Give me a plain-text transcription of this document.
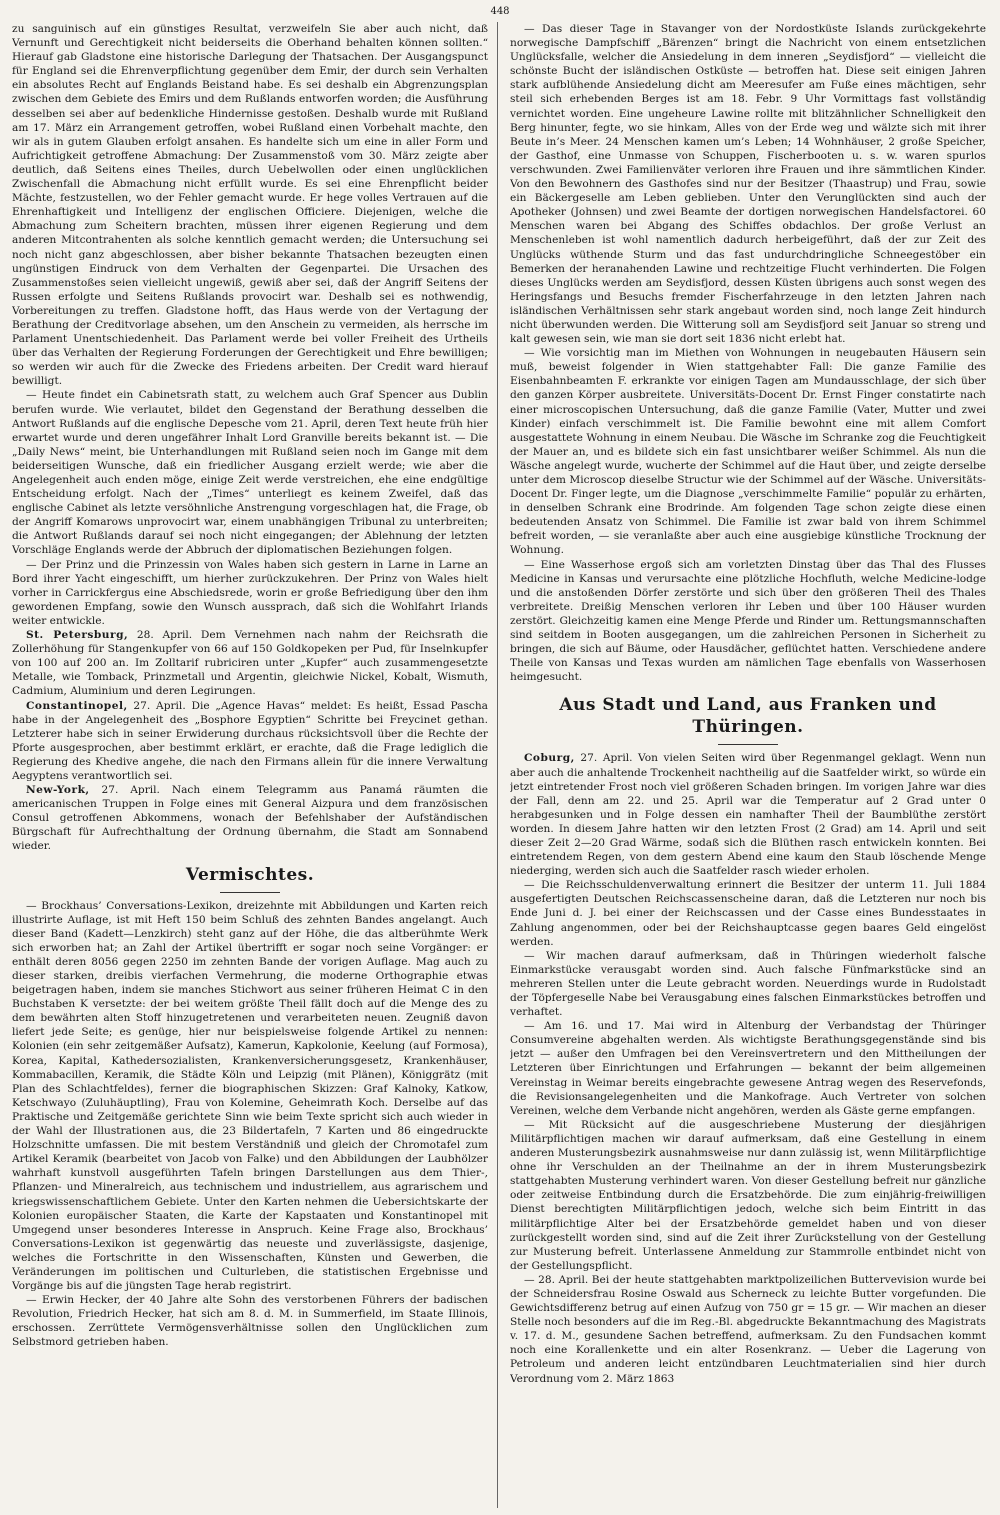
448

zu sanguinisch auf ein günstiges Resultat, verzweifeln Sie aber auch nicht, daß Vernunft und Gerechtigkeit nicht beiderseits die Oberhand behalten können sollten.“ Hierauf gab Gladstone eine historische Darlegung der Thatsachen. Der Ausgangspunct für England sei die Ehrenverpflichtung gegenüber dem Emir, der durch sein Verhalten ein absolutes Recht auf Englands Beistand habe. Es sei deshalb ein Abgrenzungsplan zwischen dem Gebiete des Emirs und dem Rußlands entworfen worden; die Ausführung desselben sei aber auf bedenkliche Hindernisse gestoßen. Deshalb wurde mit Rußland am 17. März ein Arrangement getroffen, wobei Rußland einen Vorbehalt machte, den wir als in gutem Glauben erfolgt ansahen. Es handelte sich um eine in aller Form und Aufrichtigkeit getroffene Abmachung: Der Zusammenstoß vom 30. März zeigte aber deutlich, daß Seitens eines Theiles, durch Uebelwollen oder einen unglücklichen Zwischenfall die Abmachung nicht erfüllt wurde. Es sei eine Ehrenpflicht beider Mächte, festzustellen, wo der Fehler gemacht wurde. Er hege volles Vertrauen auf die Ehrenhaftigkeit und Intelligenz der englischen Officiere. Diejenigen, welche die Abmachung zum Scheitern brachten, müssen ihrer eigenen Regierung und dem anderen Mitcontrahenten als solche kenntlich gemacht werden; die Untersuchung sei noch nicht ganz abgeschlossen, aber bisher bekannte Thatsachen bezeugten einen ungünstigen Eindruck von dem Verhalten der Gegenpartei. Die Ursachen des Zusammenstoßes seien vielleicht ungewiß, gewiß aber sei, daß der Angriff Seitens der Russen erfolgte und Seitens Rußlands provocirt war. Deshalb sei es nothwendig, Vorbereitungen zu treffen. Gladstone hofft, das Haus werde von der Vertagung der Berathung der Creditvorlage absehen, um den Anschein zu vermeiden, als herrsche im Parlament Unentschiedenheit. Das Parlament werde bei voller Freiheit des Urtheils über das Verhalten der Regierung Forderungen der Gerechtigkeit und Ehre bewilligen; so werden wir auch für die Zwecke des Friedens arbeiten. Der Credit ward hierauf bewilligt.

— Heute findet ein Cabinetsrath statt, zu welchem auch Graf Spencer aus Dublin berufen wurde. Wie verlautet, bildet den Gegenstand der Berathung desselben die Antwort Rußlands auf die englische Depesche vom 21. April, deren Text heute früh hier erwartet wurde und deren ungefährer Inhalt Lord Granville bereits bekannt ist. — Die „Daily News“ meint, bie Unterhandlungen mit Rußland seien noch im Gange mit dem beiderseitigen Wunsche, daß ein friedlicher Ausgang erzielt werde; wie aber die Angelegenheit auch enden möge, einige Zeit werde verstreichen, ehe eine endgültige Entscheidung erfolgt. Nach der „Times“ unterliegt es keinem Zweifel, daß das englische Cabinet als letzte versöhnliche Anstrengung vorgeschlagen hat, die Frage, ob der Angriff Komarows unprovocirt war, einem unabhängigen Tribunal zu unterbreiten; die Antwort Rußlands darauf sei noch nicht eingegangen; der Ablehnung der letzten Vorschläge Englands werde der Abbruch der diplomatischen Beziehungen folgen.

— Der Prinz und die Prinzessin von Wales haben sich gestern in Larne in Larne an Bord ihrer Yacht eingeschifft, um hierher zurückzukehren. Der Prinz von Wales hielt vorher in Carrickfergus eine Abschiedsrede, worin er große Befriedigung über den ihm gewordenen Empfang, sowie den Wunsch aussprach, daß sich die Wohlfahrt Irlands weiter entwickle.

St. Petersburg, 28. April. Dem Vernehmen nach nahm der Reichsrath die Zollerhöhung für Stangenkupfer von 66 auf 150 Goldkopeken per Pud, für Inselnkupfer von 100 auf 200 an. Im Zolltarif rubriciren unter „Kupfer“ auch zusammengesetzte Metalle, wie Tomback, Prinzmetall und Argentin, gleichwie Nickel, Kobalt, Wismuth, Cadmium, Aluminium und deren Legirungen.

Constantinopel, 27. April. Die „Agence Havas“ meldet: Es heißt, Essad Pascha habe in der Angelegenheit des „Bosphore Egyptien“ Schritte bei Freycinet gethan. Letzterer habe sich in seiner Erwiderung durchaus rücksichtsvoll über die Rechte der Pforte ausgesprochen, aber bestimmt erklärt, er erachte, daß die Frage lediglich die Regierung des Khedive angehe, die nach den Firmans allein für die innere Verwaltung Aegyptens verantwortlich sei.

New-York, 27. April. Nach einem Telegramm aus Panamá räumten die americanischen Truppen in Folge eines mit General Aizpura und dem französischen Consul getroffenen Abkommens, wonach der Befehlshaber der Aufständischen Bürgschaft für Aufrechthaltung der Ordnung übernahm, die Stadt am Sonnabend wieder.

Vermischtes.

— Brockhaus’ Conversations-Lexikon, dreizehnte mit Abbildungen und Karten reich illustrirte Auflage, ist mit Heft 150 beim Schluß des zehnten Bandes angelangt. Auch dieser Band (Kadett—Lenzkirch) steht ganz auf der Höhe, die das altberühmte Werk sich erworben hat; an Zahl der Artikel übertrifft er sogar noch seine Vorgänger: er enthält deren 8056 gegen 2250 im zehnten Bande der vorigen Auflage. Mag auch zu dieser starken, dreibis vierfachen Vermehrung, die moderne Orthographie etwas beigetragen haben, indem sie manches Stichwort aus seiner früheren Heimat C in den Buchstaben K versetzte: der bei weitem größte Theil fällt doch auf die Menge des zu dem bewährten alten Stoff hinzugetretenen und verarbeiteten neuen. Zeugniß davon liefert jede Seite; es genüge, hier nur beispielsweise folgende Artikel zu nennen: Kolonien (ein sehr zeitgemäßer Aufsatz), Kamerun, Kapkolonie, Keelung (auf Formosa), Korea, Kapital, Kathedersozialisten, Krankenversicherungsgesetz, Krankenhäuser, Kommabacillen, Keramik, die Städte Köln und Leipzig (mit Plänen), Königgrätz (mit Plan des Schlachtfeldes), ferner die biographischen Skizzen: Graf Kalnoky, Katkow, Ketschwayo (Zuluhäuptling), Frau von Kolemine, Geheimrath Koch. Derselbe auf das Praktische und Zeitgemäße gerichtete Sinn wie beim Texte spricht sich auch wieder in der Wahl der Illustrationen aus, die 23 Bildertafeln, 7 Karten und 86 eingedruckte Holzschnitte umfassen. Die mit bestem Verständniß und gleich der Chromotafel zum Artikel Keramik (bearbeitet von Jacob von Falke) und den Abbildungen der Laubhölzer wahrhaft kunstvoll ausgeführten Tafeln bringen Darstellungen aus dem Thier-, Pflanzen- und Mineralreich, aus technischem und industriellem, aus agrarischem und kriegswissenschaftlichem Gebiete. Unter den Karten nehmen die Uebersichtskarte der Kolonien europäischer Staaten, die Karte der Kapstaaten und Konstantinopel mit Umgegend unser besonderes Interesse in Anspruch. Keine Frage also, Brockhaus’ Conversations-Lexikon ist gegenwärtig das neueste und zuverlässigste, dasjenige, welches die Fortschritte in den Wissenschaften, Künsten und Gewerben, die Veränderungen im politischen und Culturleben, die statistischen Ergebnisse und Vorgänge bis auf die jüngsten Tage herab registrirt.

— Erwin Hecker, der 40 Jahre alte Sohn des verstorbenen Führers der badischen Revolution, Friedrich Hecker, hat sich am 8. d. M. in Summerfield, im Staate Illinois, erschossen. Zerrüttete Vermögensverhältnisse sollen den Unglücklichen zum Selbstmord getrieben haben.

— Das dieser Tage in Stavanger von der Nordostküste Islands zurückgekehrte norwegische Dampfschiff „Bärenzen“ bringt die Nachricht von einem entsetzlichen Unglücksfalle, welcher die Ansiedelung in dem inneren „Seydisfjord“ — vielleicht die schönste Bucht der isländischen Ostküste — betroffen hat. Diese seit einigen Jahren stark aufblühende Ansiedelung dicht am Meeresufer am Fuße eines mächtigen, sehr steil sich erhebenden Berges ist am 18. Febr. 9 Uhr Vormittags fast vollständig vernichtet worden. Eine ungeheure Lawine rollte mit blitzähnlicher Schnelligkeit den Berg hinunter, fegte, wo sie hinkam, Alles von der Erde weg und wälzte sich mit ihrer Beute in’s Meer. 24 Menschen kamen um’s Leben; 14 Wohnhäuser, 2 große Speicher, der Gasthof, eine Unmasse von Schuppen, Fischerbooten u. s. w. waren spurlos verschwunden. Zwei Familienväter verloren ihre Frauen und ihre sämmtlichen Kinder. Von den Bewohnern des Gasthofes sind nur der Besitzer (Thaastrup) und Frau, sowie ein Bäckergeselle am Leben geblieben. Unter den Verunglückten sind auch der Apotheker (Johnsen) und zwei Beamte der dortigen norwegischen Handelsfactorei. 60 Menschen waren bei Abgang des Schiffes obdachlos. Der große Verlust an Menschenleben ist wohl namentlich dadurch herbeigeführt, daß der zur Zeit des Unglücks wüthende Sturm und das fast undurchdringliche Schneegestöber ein Bemerken der heranahenden Lawine und rechtzeitige Flucht verhinderten. Die Folgen dieses Unglücks werden am Seydisfjord, dessen Küsten übrigens auch sonst wegen des Heringsfangs und Besuchs fremder Fischerfahrzeuge in den letzten Jahren nach isländischen Verhältnissen sehr stark angebaut worden sind, noch lange Zeit hindurch nicht überwunden werden. Die Witterung soll am Seydisfjord seit Januar so streng und kalt gewesen sein, wie man sie dort seit 1836 nicht erlebt hat.

— Wie vorsichtig man im Miethen von Wohnungen in neugebauten Häusern sein muß, beweist folgender in Wien stattgehabter Fall: Die ganze Familie des Eisenbahnbeamten F. erkrankte vor einigen Tagen am Mundausschlage, der sich über den ganzen Körper ausbreitete. Universitäts-Docent Dr. Ernst Finger constatirte nach einer microscopischen Untersuchung, daß die ganze Familie (Vater, Mutter und zwei Kinder) einfach verschimmelt ist. Die Familie bewohnt eine mit allem Comfort ausgestattete Wohnung in einem Neubau. Die Wäsche im Schranke zog die Feuchtigkeit der Mauer an, und es bildete sich ein fast unsichtbarer weißer Schimmel. Als nun die Wäsche angelegt wurde, wucherte der Schimmel auf die Haut über, und zeigte derselbe unter dem Microscop dieselbe Structur wie der Schimmel auf der Wäsche. Universitäts-Docent Dr. Finger legte, um die Diagnose „verschimmelte Familie“ populär zu erhärten, in denselben Schrank eine Brodrinde. Am folgenden Tage schon zeigte diese einen bedeutenden Ansatz von Schimmel. Die Familie ist zwar bald von ihrem Schimmel befreit worden, — sie veranlaßte aber auch eine ausgiebige künstliche Trocknung der Wohnung.

— Eine Wasserhose ergoß sich am vorletzten Dinstag über das Thal des Flusses Medicine in Kansas und verursachte eine plötzliche Hochfluth, welche Medicine-lodge und die anstoßenden Dörfer zerstörte und sich über den größeren Theil des Thales verbreitete. Dreißig Menschen verloren ihr Leben und über 100 Häuser wurden zerstört. Gleichzeitig kamen eine Menge Pferde und Rinder um. Rettungsmannschaften sind seitdem in Booten ausgegangen, um die zahlreichen Personen in Sicherheit zu bringen, die sich auf Bäume, oder Hausdächer, geflüchtet hatten. Verschiedene andere Theile von Kansas und Texas wurden am nämlichen Tage ebenfalls von Wasserhosen heimgesucht.

Aus Stadt und Land, aus Franken und Thüringen.

Coburg, 27. April. Von vielen Seiten wird über Regenmangel geklagt. Wenn nun aber auch die anhaltende Trockenheit nachtheilig auf die Saatfelder wirkt, so würde ein jetzt eintretender Frost noch viel größeren Schaden bringen. Im vorigen Jahre war dies der Fall, denn am 22. und 25. April war die Temperatur auf 2 Grad unter 0 herabgesunken und in Folge dessen ein namhafter Theil der Baumblüthe zerstört worden. In diesem Jahre hatten wir den letzten Frost (2 Grad) am 14. April und seit dieser Zeit 2—20 Grad Wärme, sodaß sich die Blüthen rasch entwickeln konnten. Bei eintretendem Regen, von dem gestern Abend eine kaum den Staub löschende Menge niederging, werden sich auch die Saatfelder rasch wieder erholen.

— Die Reichsschuldenverwaltung erinnert die Besitzer der unterm 11. Juli 1884 ausgefertigten Deutschen Reichscassenscheine daran, daß die Letzteren nur noch bis Ende Juni d. J. bei einer der Reichscassen und der Casse eines Bundesstaates in Zahlung angenommen, oder bei der Reichshauptcasse gegen baares Geld eingelöst werden.

— Wir machen darauf aufmerksam, daß in Thüringen wiederholt falsche Einmarkstücke verausgabt worden sind. Auch falsche Fünfmarkstücke sind an mehreren Stellen unter die Leute gebracht worden. Neuerdings wurde in Rudolstadt der Töpfergeselle Nabe bei Verausgabung eines falschen Einmarkstückes betroffen und verhaftet.

— Am 16. und 17. Mai wird in Altenburg der Verbandstag der Thüringer Consumvereine abgehalten werden. Als wichtigste Berathungsgegenstände sind bis jetzt — außer den Umfragen bei den Vereinsvertretern und den Mittheilungen der Letzteren über Einrichtungen und Erfahrungen — bekannt der beim allgemeinen Vereinstag in Weimar bereits eingebrachte gewesene Antrag wegen des Reservefonds, die Revisionsangelegenheiten und die Mankofrage. Auch Vertreter von solchen Vereinen, welche dem Verbande nicht angehören, werden als Gäste gerne empfangen.

— Mit Rücksicht auf die ausgeschriebene Musterung der diesjährigen Militärpflichtigen machen wir darauf aufmerksam, daß eine Gestellung in einem anderen Musterungsbezirk ausnahmsweise nur dann zulässig ist, wenn Militärpflichtige ohne ihr Verschulden an der Theilnahme an der in ihrem Musterungsbezirk stattgehabten Musterung verhindert waren. Von dieser Gestellung befreit nur gänzliche oder zeitweise Entbindung durch die Ersatzbehörde. Die zum einjährig-freiwilligen Dienst berechtigten Militärpflichtigen jedoch, welche sich beim Eintritt in das militärpflichtige Alter bei der Ersatzbehörde gemeldet haben und von dieser zurückgestellt worden sind, sind auf die Zeit ihrer Zurückstellung von der Gestellung zur Musterung befreit. Unterlassene Anmeldung zur Stammrolle entbindet nicht von der Gestellungspflicht.

— 28. April. Bei der heute stattgehabten marktpolizeilichen Buttervevision wurde bei der Schneidersfrau Rosine Oswald aus Scherneck zu leichte Butter vorgefunden. Die Gewichtsdifferenz betrug auf einen Aufzug von 750 gr = 15 gr. — Wir machen an dieser Stelle noch besonders auf die im Reg.-Bl. abgedruckte Bekanntmachung des Magistrats v. 17. d. M., gesundene Sachen betreffend, aufmerksam. Zu den Fundsachen kommt noch eine Korallenkette und ein alter Rosenkranz. — Ueber die Lagerung von Petroleum und anderen leicht entzündbaren Leuchtmaterialien sind hier durch Verordnung vom 2. März 1863
